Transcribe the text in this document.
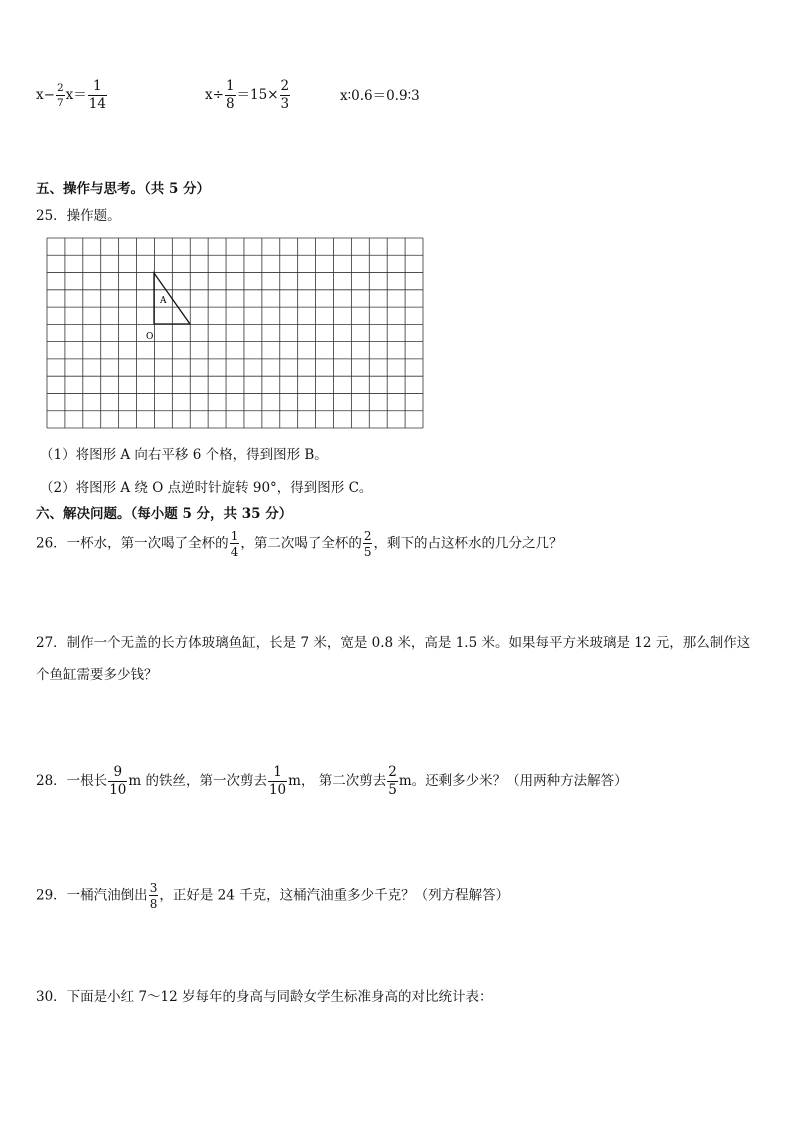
$x- \frac{2}{7} x= \frac{1}{14}$	$x\div \frac{1}{8} =15\times \frac{2}{3}$	x∶0.6＝0.9∶3
五、操作与思考。（共 5 分）
25．操作题。
A
O
（1）将图形 A 向右平移 6 个格，得到图形 B。
（2）将图形 A 绕 O 点逆时针旋转 90°，得到图形 C。
六、解决问题。（每小题 5 分，共 35 分）
26．一杯水，第一次喝了全杯的 $\frac{1}{4}$ ，第二次喝了全杯的 $\frac{2}{5}$ ，剩下的占这杯水的几分之几？
27．制作一个无盖的长方体玻璃鱼缸，长是 7 米，宽是 0.8 米，高是 1.5 米。如果每平方米玻璃是 12 元，那么制作这
个鱼缸需要多少钱？
28．一根长 $\frac{9}{10}$ m 的铁丝，第一次剪去 $\frac{1}{10}$ m， 第二次剪去 $\frac{2}{5}$ m。还剩多少米？（用两种方法解答）
29．一桶汽油倒出 $\frac{3}{8}$ ，正好是 24 千克，这桶汽油重多少千克？（列方程解答）
30．下面是小红 7～12 岁每年的身高与同龄女学生标准身高的对比统计表：
